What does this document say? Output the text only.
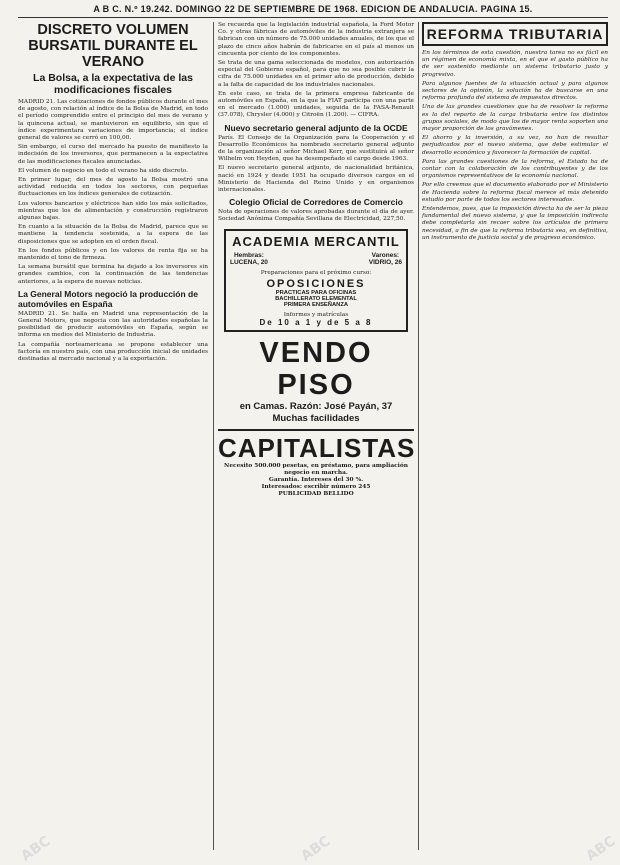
A B C. N.º 19.242. DOMINGO 22 DE SEPTIEMBRE DE 1968. EDICION DE ANDALUCIA. PAGINA 15.
DISCRETO VOLUMEN BURSATIL DURANTE EL VERANO
La Bolsa, a la expectativa de las modificaciones fiscales

MADRID 21. Las cotizaciones de fondos públicos durante el mes de agosto, con relación al índice de la Bolsa de Madrid, en todo el período comprendido entre el principio del mes de verano y la quincena actual, se mantuvieron en equilibrio, sin que el índice experimentara variaciones de importancia; el índice general de valores se cerró en 100,00.

Sin embargo, el curso del mercado ha puesto de manifiesto la indecisión de los inversores, que permanecen a la expectativa de las modificaciones fiscales anunciadas.

El volumen de negocio en todo el verano ha sido discreto.

En primer lugar, del mes de agosto la Bolsa mostró una actividad reducida en todos los sectores, con pequeñas fluctuaciones en los índices generales de cotización.

Los valores bancarios y eléctricos han sido los más solicitados, mientras que los de alimentación y construcción registraron algunas bajas.

En cuanto a la situación de la Bolsa de Madrid, parece que se mantiene la tendencia sostenida, a la espera de las disposiciones que se adopten en el orden fiscal.

En los fondos públicos y en los valores de renta fija se ha mantenido el tono de firmeza.

La semana bursátil que termina ha dejado a los inversores sin grandes cambios, con la continuación de las tendencias anteriores, a la espera de nuevas noticias.

La General Motors negoció la producción de automóviles en España

MADRID 21. Se halla en Madrid una representación de la General Motors, que negocia con las autoridades españolas la posibilidad de producir automóviles en España, según se informa en medios del Ministerio de Industria.

La compañía norteamericana se propone establecer una factoría en nuestro país, con una producción inicial de unidades destinadas al mercado nacional y a la exportación.

Se recuerda que la legislación industrial española, la Ford Motor Co. y otras fábricas de automóviles de la industria extranjera se fabrican con un número de 75.000 unidades anuales, de los que el plazo de cinco años habrán de fabricarse en el país al menos un cincuenta por ciento de los componentes.

Se trata de una gama seleccionada de modelos, con autorización especial del Gobierno español, para que no sea posible cubrir la cifra de 75.000 unidades en el primer año de producción, debido a la falta de capacidad de los industriales nacionales.

En este caso, se trata de la primera empresa fabricante de automóviles en España, en la que la FIAT participa con una parte en el mercado (1.000) unidades, seguida de la FASA-Renault (37.078), Chrysler (4.000) y Citroën (1.200). — CIFRA.

Nuevo secretario general adjunto de la OCDE

París. El Consejo de la Organización para la Cooperación y el Desarrollo Económicos ha nombrado secretario general adjunto de la organización al señor Michael Kerr, que sustituirá al señor Wilhelm von Heyden, que ha desempeñado el cargo desde 1963.

El nuevo secretario general adjunto, de nacionalidad británica, nació en 1924 y desde 1951 ha ocupado diversos cargos en el Ministerio de Hacienda del Reino Unido y en organismos internacionales.

Colegio Oficial de Corredores de Comercio

Nota de operaciones de valores aprobadas durante el día de ayer. Sociedad Anónima Compañía Sevillana de Electricidad, 227,50.

ACADEMIA MERCANTIL
Hembras:
LUCENA, 20
Varones:
VIDRIO, 26
Preparaciones para el próximo curso:
OPOSICIONES
PRACTICAS PARA OFICINAS
BACHILLERATO ELEMENTAL
PRIMERA ENSEÑANZA
Informes y matrículas
De 10 a 1 y de 5 a 8
VENDO PISO
en Camas. Razón: José Payán, 37
Muchas facilidades
CAPITALISTAS
Necesito 500.000 pesetas, en préstamo, para ampliación negocio en marcha.
Garantía. Intereses del 30 %.
Interesados: escribir número 245
PUBLICIDAD BELLIDO
REFORMA TRIBUTARIA

En los términos de esta cuestión, nuestra tarea no es fácil en un régimen de economía mixta, en el que el gasto público ha de ser sostenido mediante un sistema tributario justo y progresivo.

Para algunos fuentes de la situación actual y para algunos sectores de la opinión, la solución ha de buscarse en una reforma profunda del sistema de impuestos directos.

Una de las grandes cuestiones que ha de resolver la reforma es la del reparto de la carga tributaria entre los distintos grupos sociales, de modo que los de mayor renta soporten una mayor proporción de los gravámenes.

El ahorro y la inversión, a su vez, no han de resultar perjudicados por el nuevo sistema, que debe estimular el desarrollo económico y favorecer la formación de capital.

Para las grandes cuestiones de la reforma, el Estado ha de contar con la colaboración de los contribuyentes y de los organismos representativos de la economía nacional.

Por ello creemos que el documento elaborado por el Ministerio de Hacienda sobre la reforma fiscal merece el más detenido estudio por parte de todos los sectores interesados.

Entendemos, pues, que la imposición directa ha de ser la pieza fundamental del nuevo sistema, y que la imposición indirecta debe completarla sin recaer sobre los artículos de primera necesidad, a fin de que la reforma tributaria sea, en definitiva, un instrumento de justicia social y de progreso económico.

ABC	ABC	ABC
